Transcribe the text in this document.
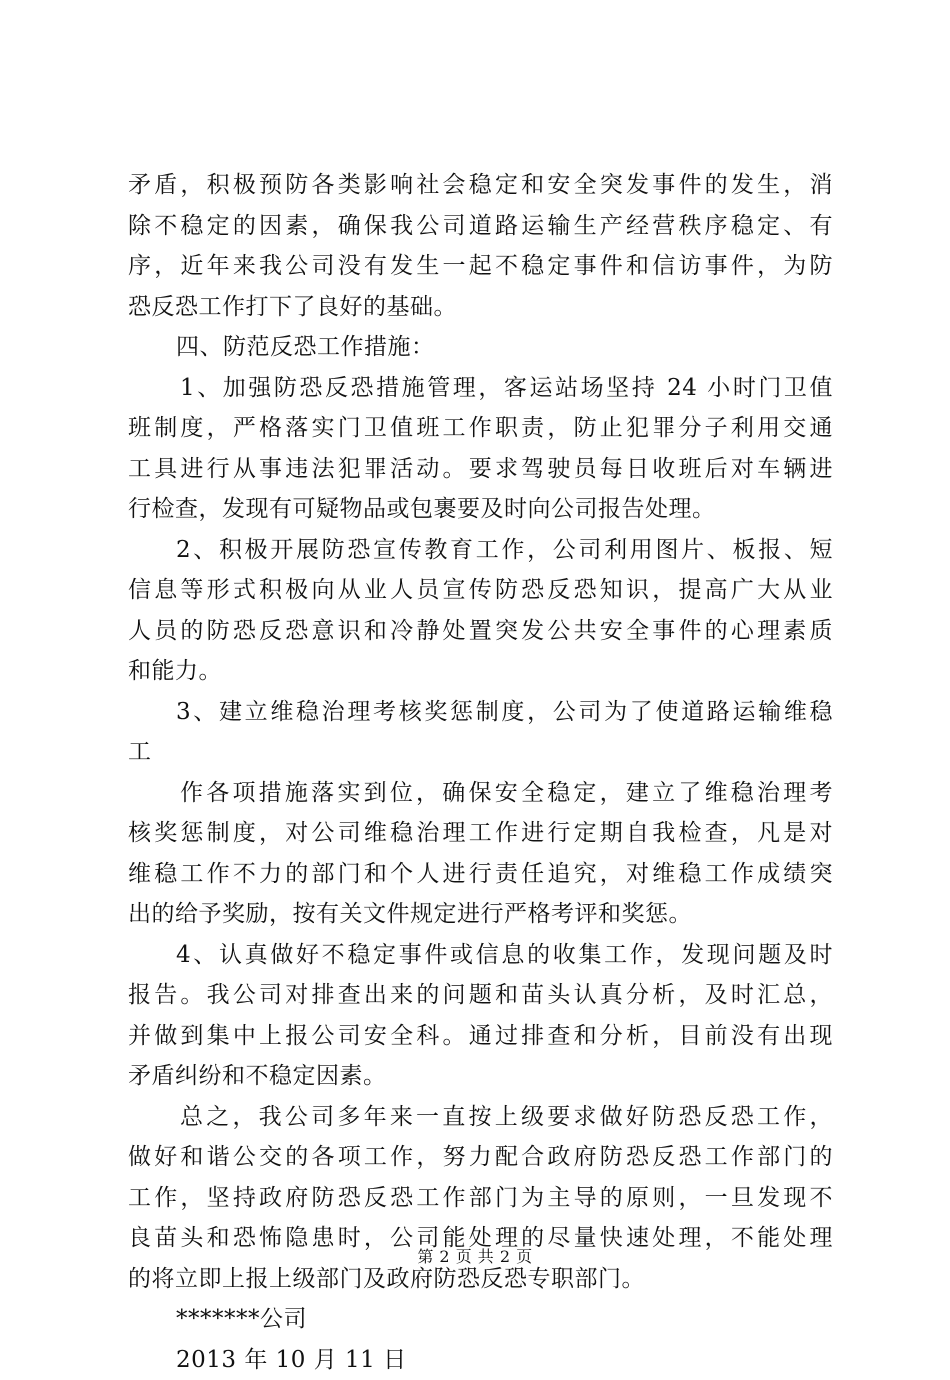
矛盾，积极预防各类影响社会稳定和安全突发事件的发生，消
除不稳定的因素，确保我公司道路运输生产经营秩序稳定、有
序，近年来我公司没有发生一起不稳定事件和信访事件，为防
恐反恐工作打下了良好的基础。
四、防范反恐工作措施：
1、加强防恐反恐措施管理，客运站场坚持 24 小时门卫值
班制度，严格落实门卫值班工作职责，防止犯罪分子利用交通
工具进行从事违法犯罪活动。要求驾驶员每日收班后对车辆进
行检查，发现有可疑物品或包裹要及时向公司报告处理。
2、积极开展防恐宣传教育工作，公司利用图片、板报、短
信息等形式积极向从业人员宣传防恐反恐知识，提高广大从业
人员的防恐反恐意识和冷静处置突发公共安全事件的心理素质
和能力。
3、建立维稳治理考核奖惩制度，公司为了使道路运输维稳
工
作各项措施落实到位，确保安全稳定，建立了维稳治理考
核奖惩制度，对公司维稳治理工作进行定期自我检查，凡是对
维稳工作不力的部门和个人进行责任追究，对维稳工作成绩突
出的给予奖励，按有关文件规定进行严格考评和奖惩。
4、认真做好不稳定事件或信息的收集工作，发现问题及时
报告。我公司对排查出来的问题和苗头认真分析，及时汇总，
并做到集中上报公司安全科。通过排查和分析，目前没有出现
矛盾纠纷和不稳定因素。
总之，我公司多年来一直按上级要求做好防恐反恐工作，
做好和谐公交的各项工作，努力配合政府防恐反恐工作部门的
工作，坚持政府防恐反恐工作部门为主导的原则，一旦发现不
良苗头和恐怖隐患时，公司能处理的尽量快速处理，不能处理
的将立即上报上级部门及政府防恐反恐专职部门。
*******公司
2013 年 10 月 11 日
第 2 页 共 2 页
